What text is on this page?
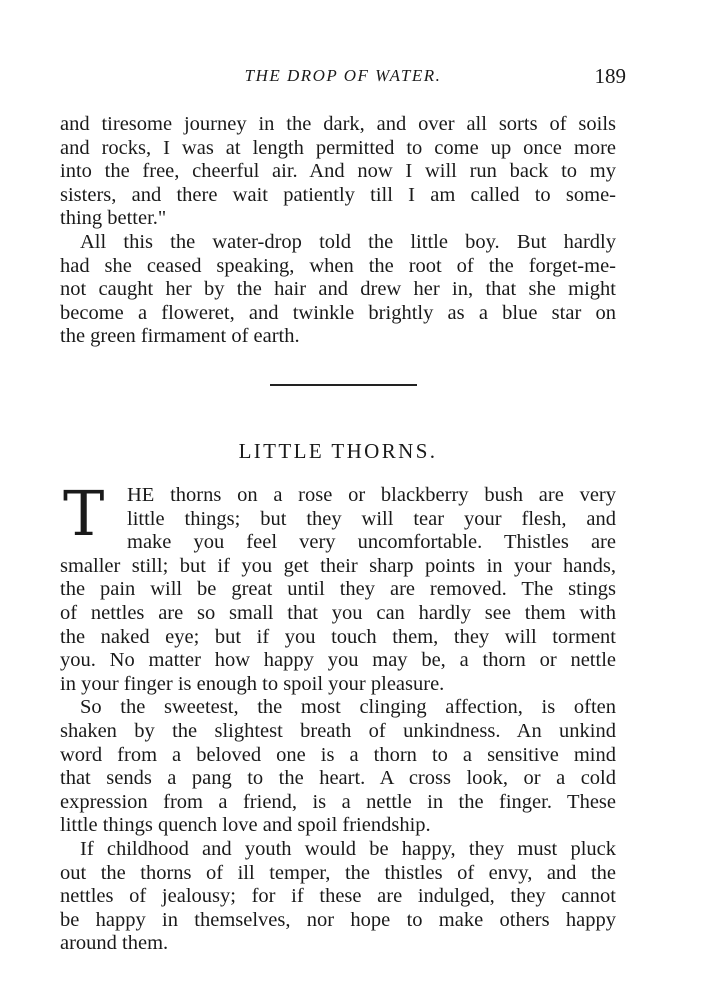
THE DROP OF WATER.	189

and tiresome journey in the dark, and over all sorts of soils
and rocks, I was at length permitted to come up once more
into the free, cheerful air. And now I will run back to my
sisters, and there wait patiently till I am called to some-
thing better."

All this the water-drop told the little boy. But hardly
had she ceased speaking, when the root of the forget-me-
not caught her by the hair and drew her in, that she might
become a floweret, and twinkle brightly as a blue star on
the green firmament of earth.

LITTLE THORNS.

T	HE thorns on a rose or blackberry bush are very
little things; but they will tear your flesh, and
make you feel very uncomfortable. Thistles are
smaller still; but if you get their sharp points in your hands,
the pain will be great until they are removed. The stings
of nettles are so small that you can hardly see them with
the naked eye; but if you touch them, they will torment
you. No matter how happy you may be, a thorn or nettle
in your finger is enough to spoil your pleasure.

So the sweetest, the most clinging affection, is often
shaken by the slightest breath of unkindness. An unkind
word from a beloved one is a thorn to a sensitive mind
that sends a pang to the heart. A cross look, or a cold
expression from a friend, is a nettle in the finger. These
little things quench love and spoil friendship.

If childhood and youth would be happy, they must pluck
out the thorns of ill temper, the thistles of envy, and the
nettles of jealousy; for if these are indulged, they cannot
be happy in themselves, nor hope to make others happy
around them.
